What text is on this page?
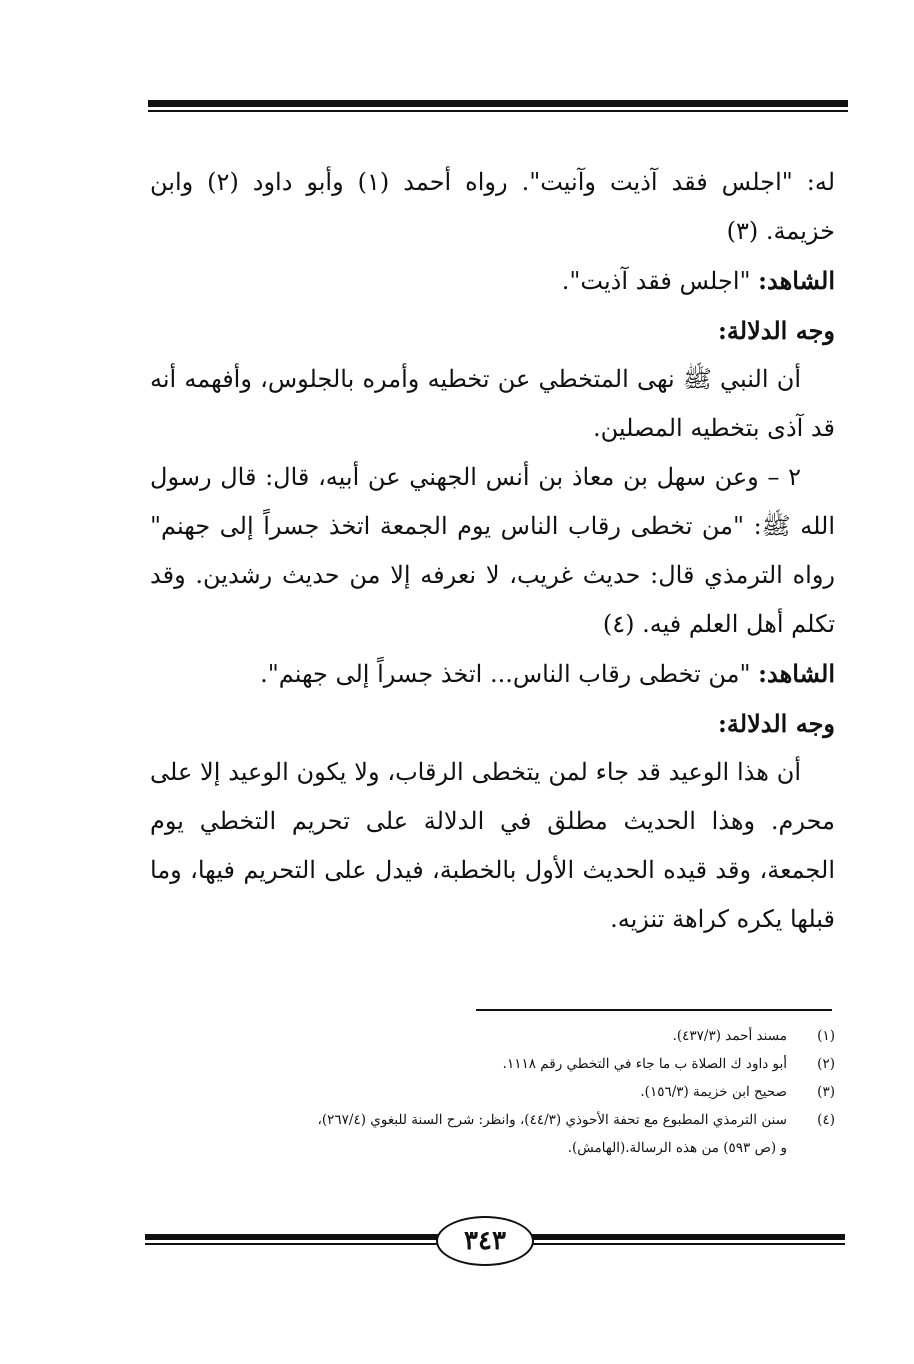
له: "اجلس فقد آذيت وآنيت". رواه أحمد (١) وأبو داود (٢) وابن خزيمة. (٣)

الشاهد: "اجلس فقد آذيت".

وجه الدلالة:

أن النبي ﷺ نهى المتخطي عن تخطيه وأمره بالجلوس، وأفهمه أنه قد آذى بتخطيه المصلين.

٢ – وعن سهل بن معاذ بن أنس الجهني عن أبيه، قال: قال رسول الله ﷺ: "من تخطى رقاب الناس يوم الجمعة اتخذ جسراً إلى جهنم" رواه الترمذي قال: حديث غريب، لا نعرفه إلا من حديث رشدين. وقد تكلم أهل العلم فيه. (٤)

الشاهد: "من تخطى رقاب الناس... اتخذ جسراً إلى جهنم".

وجه الدلالة:

أن هذا الوعيد قد جاء لمن يتخطى الرقاب، ولا يكون الوعيد إلا على محرم. وهذا الحديث مطلق في الدلالة على تحريم التخطي يوم الجمعة، وقد قيده الحديث الأول بالخطبة، فيدل على التحريم فيها، وما قبلها يكره كراهة تنزيه.

(١)
مسند أحمد (٤٣٧/٣).
(٢)
أبو داود ك الصلاة ب ما جاء في التخطي رقم ١١١٨.
(٣)
صحيح ابن خزيمة (١٥٦/٣).
(٤)
سنن الترمذي المطبوع مع تحفة الأحوذي (٤٤/٣)، وانظر: شرح السنة للبغوي (٢٦٧/٤)،
و (ص ٥٩٣) من هذه الرسالة.(الهامش).
٣٤٣
